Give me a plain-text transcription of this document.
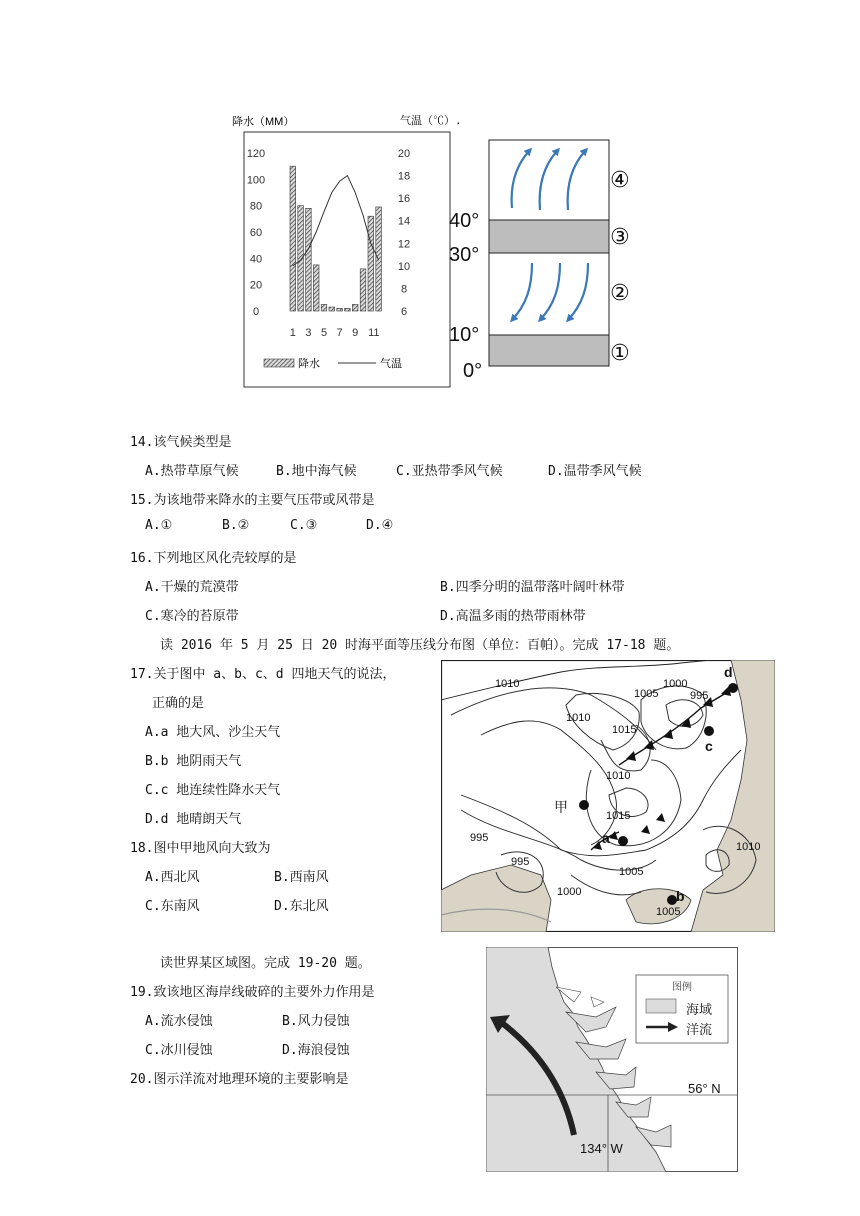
降水（MM）
120
100
80
60
40
20
0
20
18
16
14
12
10
8
6
1 3 5 7 9 11
降水	气温
气温（℃）.
40°
30°
10°
0°
④
③
②
①
14.该气候类型是
A.热带草原气候	B.地中海气候	C.亚热带季风气候	D.温带季风气候
15.为该地带来降水的主要气压带或风带是
A.①	B.②	C.③	D.④
16.下列地区风化壳较厚的是
A.干燥的荒漠带	B.四季分明的温带落叶阔叶林带
C.寒冷的苔原带	D.高温多雨的热带雨林带
读 2016 年 5 月 25 日 20 时海平面等压线分布图（单位：百帕）。完成 17-18 题。
17.关于图中 a、b、c、d 四地天气的说法，
正确的是
A.a 地大风、沙尘天气
B.b 地阴雨天气
C.c 地连续性降水天气
D.d 地晴朗天气
18.图中甲地风向大致为
A.西北风	B.西南风
C.东南风	D.东北风
1010
1010
1005
1000
995
1015
1010
1015
995
995
1005
1000
1010
1005
a
b
c
d
甲
读世界某区域图。完成 19-20 题。
19.致该地区海岸线破碎的主要外力作用是
A.流水侵蚀	B.风力侵蚀
C.冰川侵蚀	D.海浪侵蚀
20.图示洋流对地理环境的主要影响是
图例
海域
洋流
56° N
134° W
